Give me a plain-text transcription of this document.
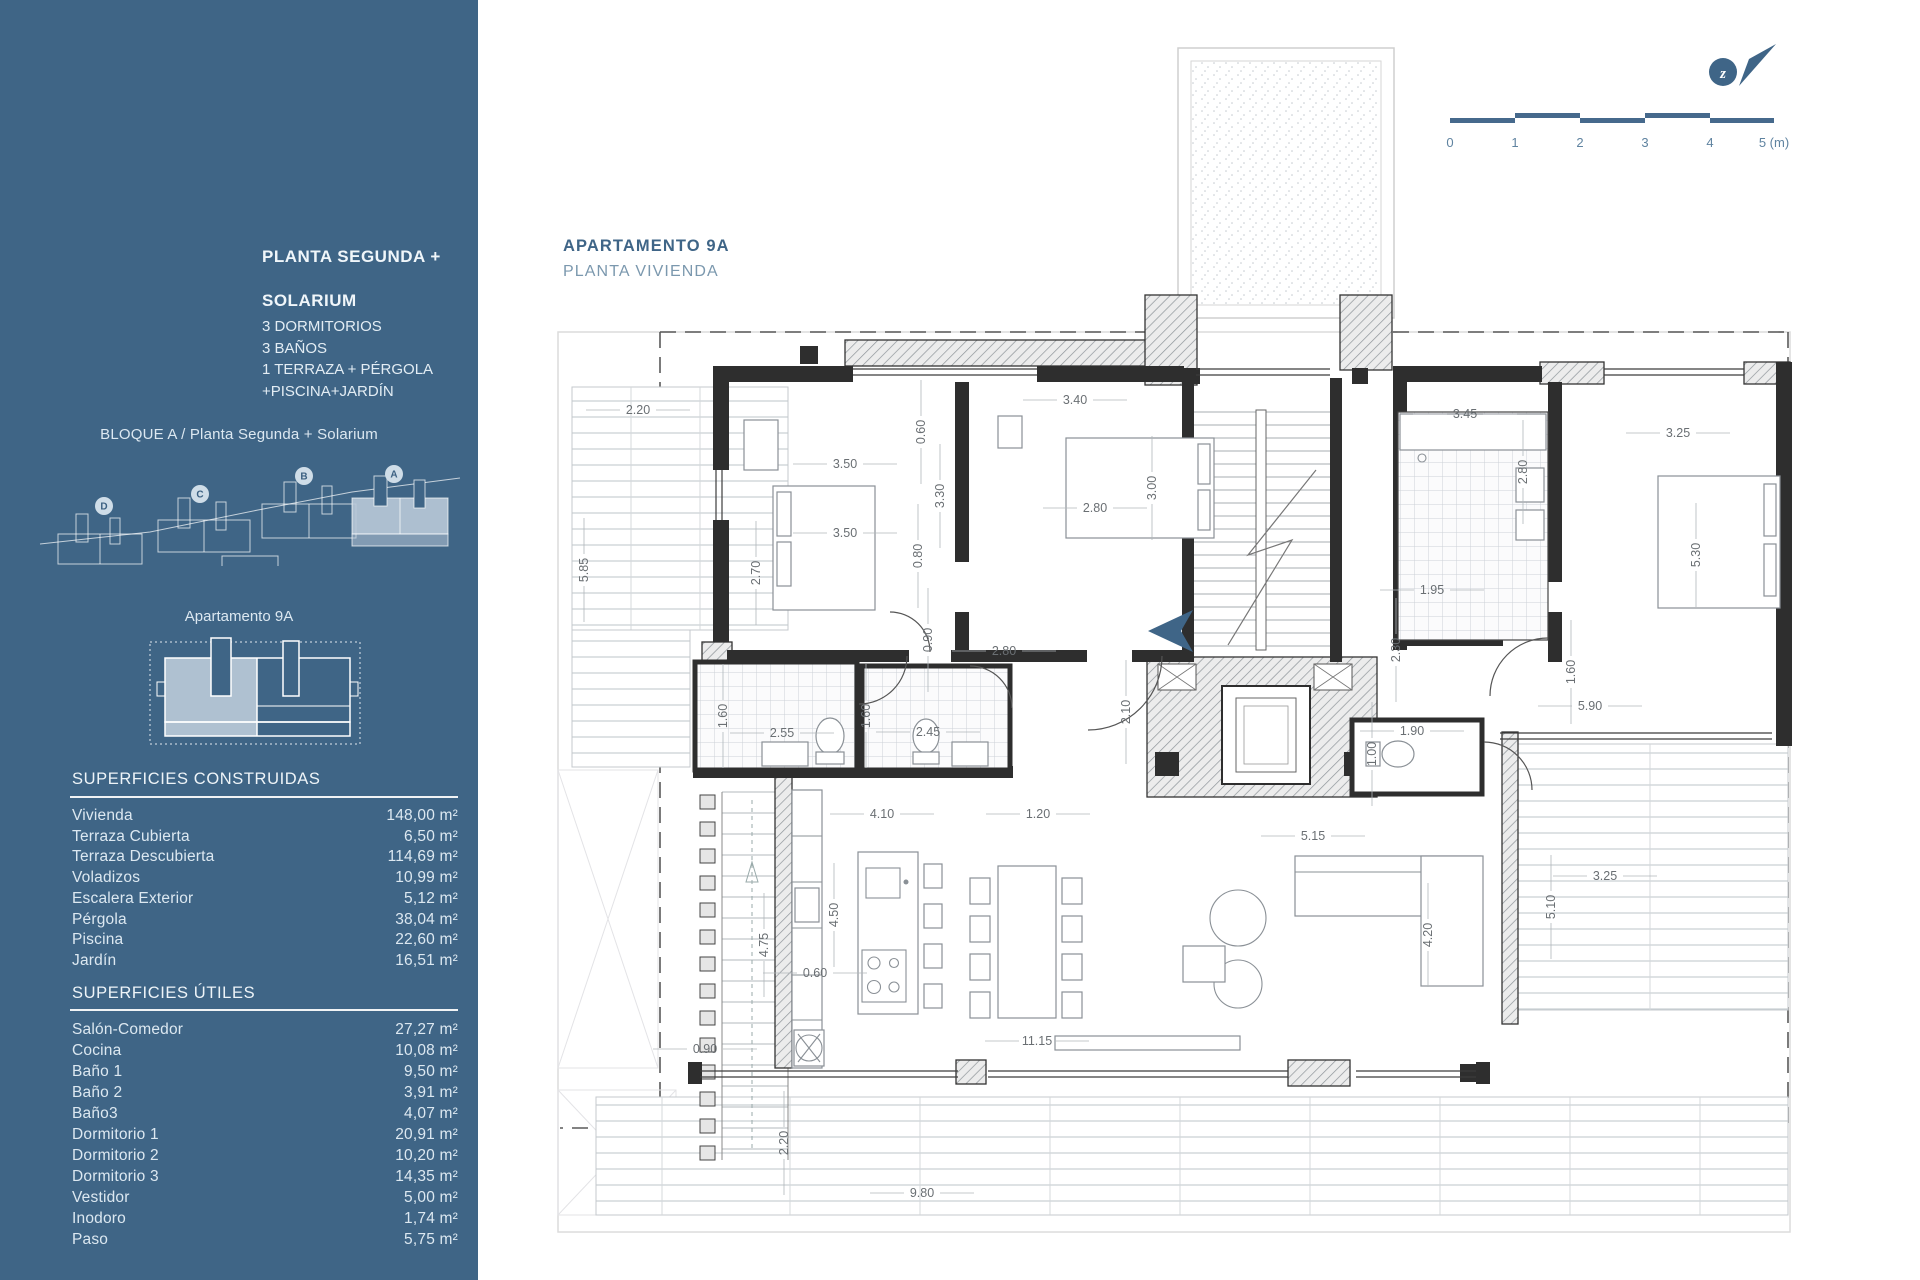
PLANTA SEGUNDA +

SOLARIUM
3 DORMITORIOS
3 BAÑOS
1 TERRAZA + PÉRGOLA
+PISCINA+JARDÍN
BLOQUE A / Planta Segunda + Solarium
D
C
B	A
Apartamento 9A
SUPERFICIES CONSTRUIDAS
Vivienda	148,00 m²
Terraza Cubierta	6,50 m²
Terraza Descubierta	114,69 m²
Voladizos	10,99 m²
Escalera Exterior	5,12 m²
Pérgola	38,04 m²
Piscina	22,60 m²
Jardín	16,51 m²
SUPERFICIES ÚTILES
Salón-Comedor	27,27 m²
Cocina	10,08 m²
Baño 1	9,50 m²
Baño 2	3,91 m²
Baño3	4,07 m²
Dormitorio 1	20,91 m²
Dormitorio 2	10,20 m²
Dormitorio 3	14,35 m²
Vestidor	5,00 m²
Inodoro	1,74 m²
Paso	5,75 m²
APARTAMENTO 9A
PLANTA VIVIENDA
2.20
5.85
0.60
3.40
3.45
3.25
0.80
3.50
3.30	2.80
3.00
2.70
3.50
2.80
5.30
1.95
0.90	2.80	2.30
1.60
5.90
1.60
2.55
1.60
2.45
2.10
1.90
1.00
4.10	1.20
5.15
4.50
4.75
0.60
0.90
11.15
4.20
3.25
5.10
2.20
9.80
0	1	2	3	4	5 (m)
z
